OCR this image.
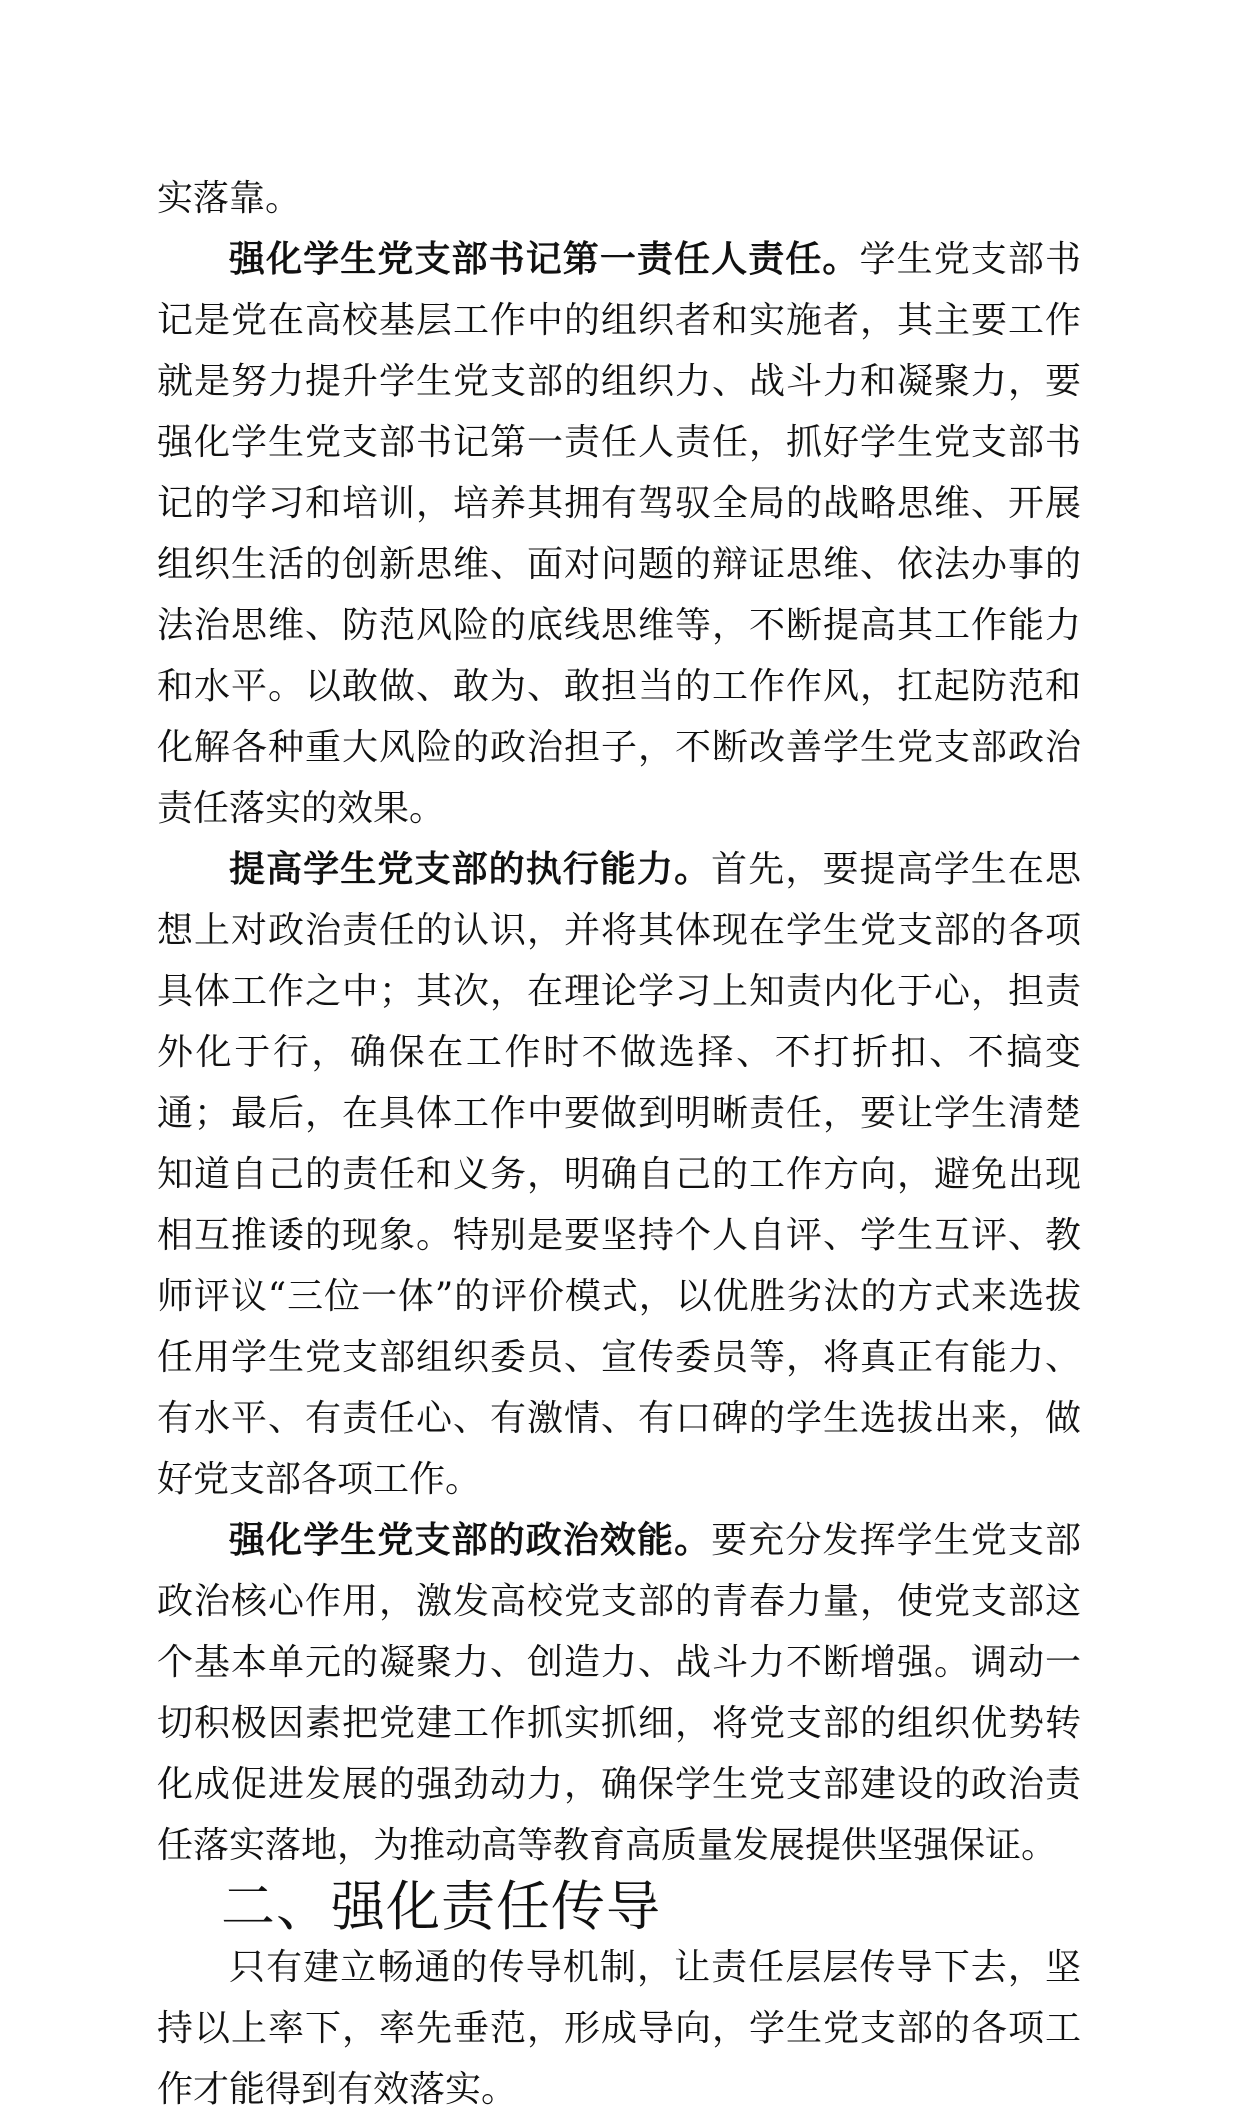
实落靠。

强化学生党支部书记第一责任人责任。学生党支部书记是党在高校基层工作中的组织者和实施者，其主要工作就是努力提升学生党支部的组织力、战斗力和凝聚力，要强化学生党支部书记第一责任人责任，抓好学生党支部书记的学习和培训，培养其拥有驾驭全局的战略思维、开展组织生活的创新思维、面对问题的辩证思维、依法办事的法治思维、防范风险的底线思维等，不断提高其工作能力和水平。以敢做、敢为、敢担当的工作作风，扛起防范和化解各种重大风险的政治担子，不断改善学生党支部政治责任落实的效果。

提高学生党支部的执行能力。首先，要提高学生在思想上对政治责任的认识，并将其体现在学生党支部的各项具体工作之中；其次，在理论学习上知责内化于心，担责外化于行，确保在工作时不做选择、不打折扣、不搞变通；最后，在具体工作中要做到明晰责任，要让学生清楚知道自己的责任和义务，明确自己的工作方向，避免出现相互推诿的现象。特别是要坚持个人自评、学生互评、教师评议“三位一体”的评价模式，以优胜劣汰的方式来选拔任用学生党支部组织委员、宣传委员等，将真正有能力、有水平、有责任心、有激情、有口碑的学生选拔出来，做好党支部各项工作。

强化学生党支部的政治效能。要充分发挥学生党支部政治核心作用，激发高校党支部的青春力量，使党支部这个基本单元的凝聚力、创造力、战斗力不断增强。调动一切积极因素把党建工作抓实抓细，将党支部的组织优势转化成促进发展的强劲动力，确保学生党支部建设的政治责任落实落地，为推动高等教育高质量发展提供坚强保证。

二、强化责任传导

只有建立畅通的传导机制，让责任层层传导下去，坚持以上率下，率先垂范，形成导向，学生党支部的各项工作才能得到有效落实。
